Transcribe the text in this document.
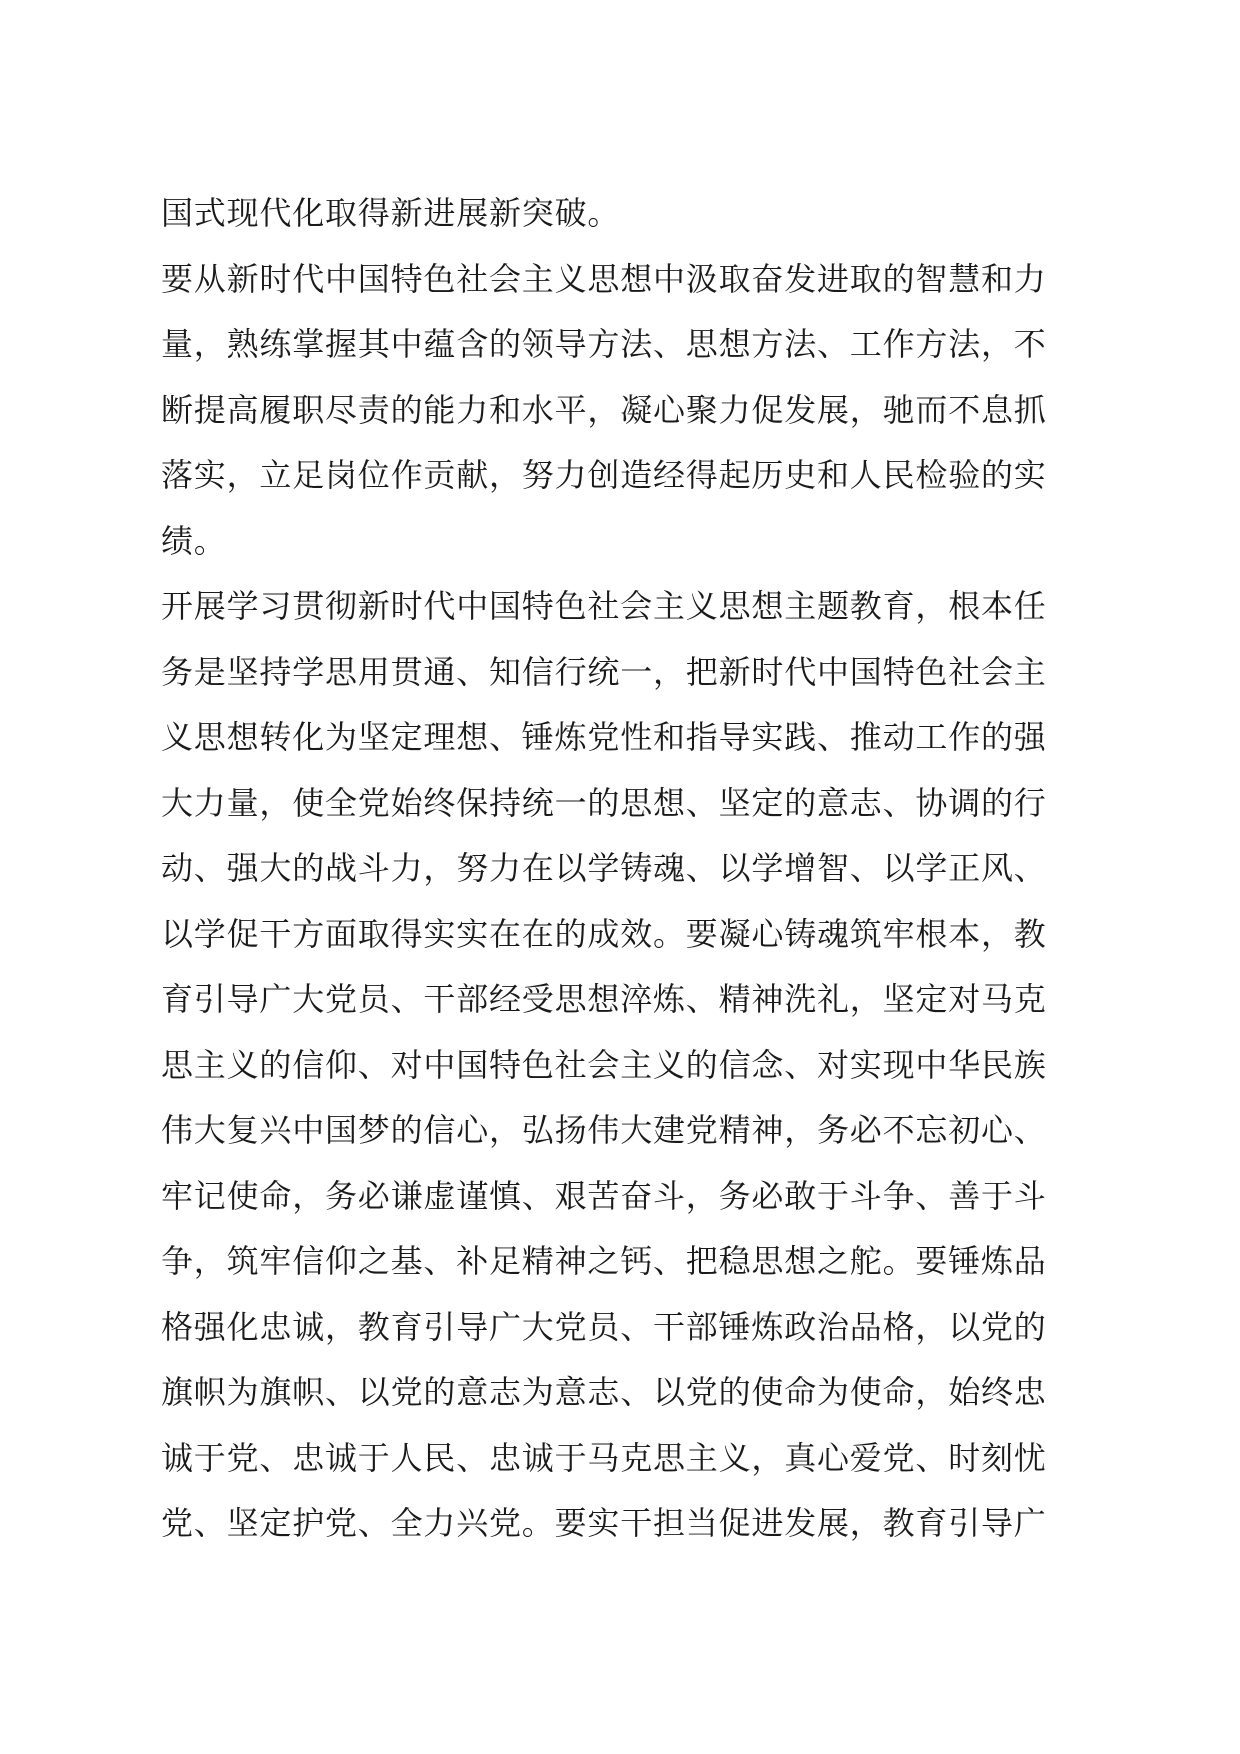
国式现代化取得新进展新突破。
要从新时代中国特色社会主义思想中汲取奋发进取的智慧和力
量，熟练掌握其中蕴含的领导方法、思想方法、工作方法，不
断提高履职尽责的能力和水平，凝心聚力促发展，驰而不息抓
落实，立足岗位作贡献，努力创造经得起历史和人民检验的实
绩。
开展学习贯彻新时代中国特色社会主义思想主题教育，根本任
务是坚持学思用贯通、知信行统一，把新时代中国特色社会主
义思想转化为坚定理想、锤炼党性和指导实践、推动工作的强
大力量，使全党始终保持统一的思想、坚定的意志、协调的行
动、强大的战斗力，努力在以学铸魂、以学增智、以学正风、
以学促干方面取得实实在在的成效。要凝心铸魂筑牢根本，教
育引导广大党员、干部经受思想淬炼、精神洗礼，坚定对马克
思主义的信仰、对中国特色社会主义的信念、对实现中华民族
伟大复兴中国梦的信心，弘扬伟大建党精神，务必不忘初心、
牢记使命，务必谦虚谨慎、艰苦奋斗，务必敢于斗争、善于斗
争，筑牢信仰之基、补足精神之钙、把稳思想之舵。要锤炼品
格强化忠诚，教育引导广大党员、干部锤炼政治品格，以党的
旗帜为旗帜、以党的意志为意志、以党的使命为使命，始终忠
诚于党、忠诚于人民、忠诚于马克思主义，真心爱党、时刻忧
党、坚定护党、全力兴党。要实干担当促进发展，教育引导广
